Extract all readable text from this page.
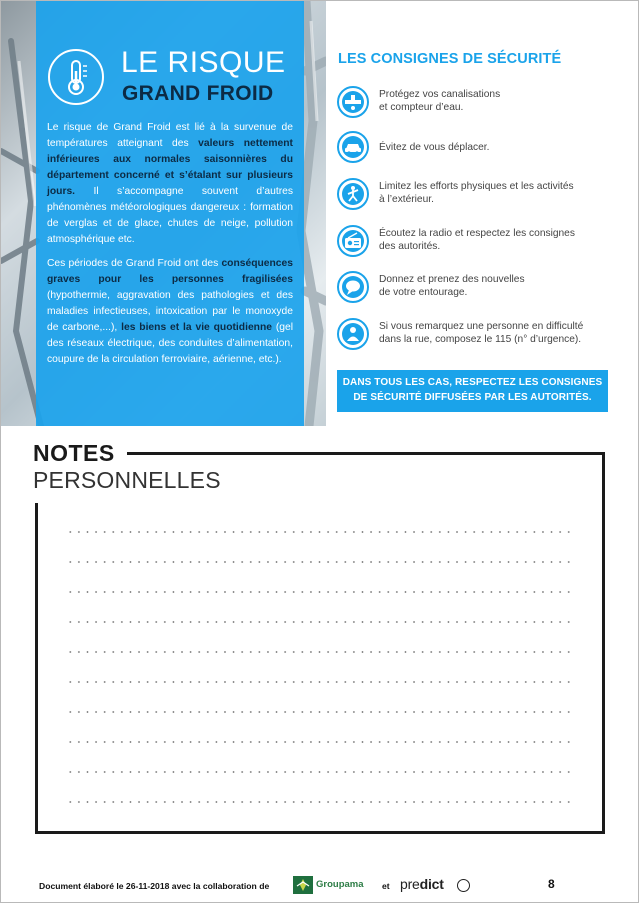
LE RISQUE
GRAND FROID

Le risque de Grand Froid est lié à la survenue de températures atteignant des valeurs nettement inférieures aux normales saisonnières du département concerné et s’étalant sur plusieurs jours. Il s’accompagne souvent d’autres phénomènes météorologiques dangereux : formation de verglas et de glace, chutes de neige, pollution atmosphérique etc.

Ces périodes de Grand Froid ont des conséquences graves pour les personnes fragilisées (hypothermie, aggravation des pathologies et des maladies infectieuses, intoxication par le monoxyde de carbone,...), les biens et la vie quotidienne (gel des réseaux électrique, des conduites d’alimentation, coupure de la circulation ferroviaire, aérienne, etc.).

LES CONSIGNES DE SÉCURITÉ
Protégez vos canalisations
et compteur d’eau.
Évitez de vous déplacer.
Limitez les efforts physiques et les activités
à l’extérieur.
Écoutez la radio et respectez les consignes
des autorités.
Donnez et prenez des nouvelles
de votre entourage.
Si vous remarquez une personne en difficulté
dans la rue, composez le 115 (n° d’urgence).
DANS TOUS LES CAS, RESPECTEZ LES CONSIGNES
DE SÉCURITÉ DIFFUSÉES PAR LES AUTORITÉS.
NOTES
PERSONNELLES
Document élaboré le 26-11-2018 avec la collaboration de	Groupama et predict	8
